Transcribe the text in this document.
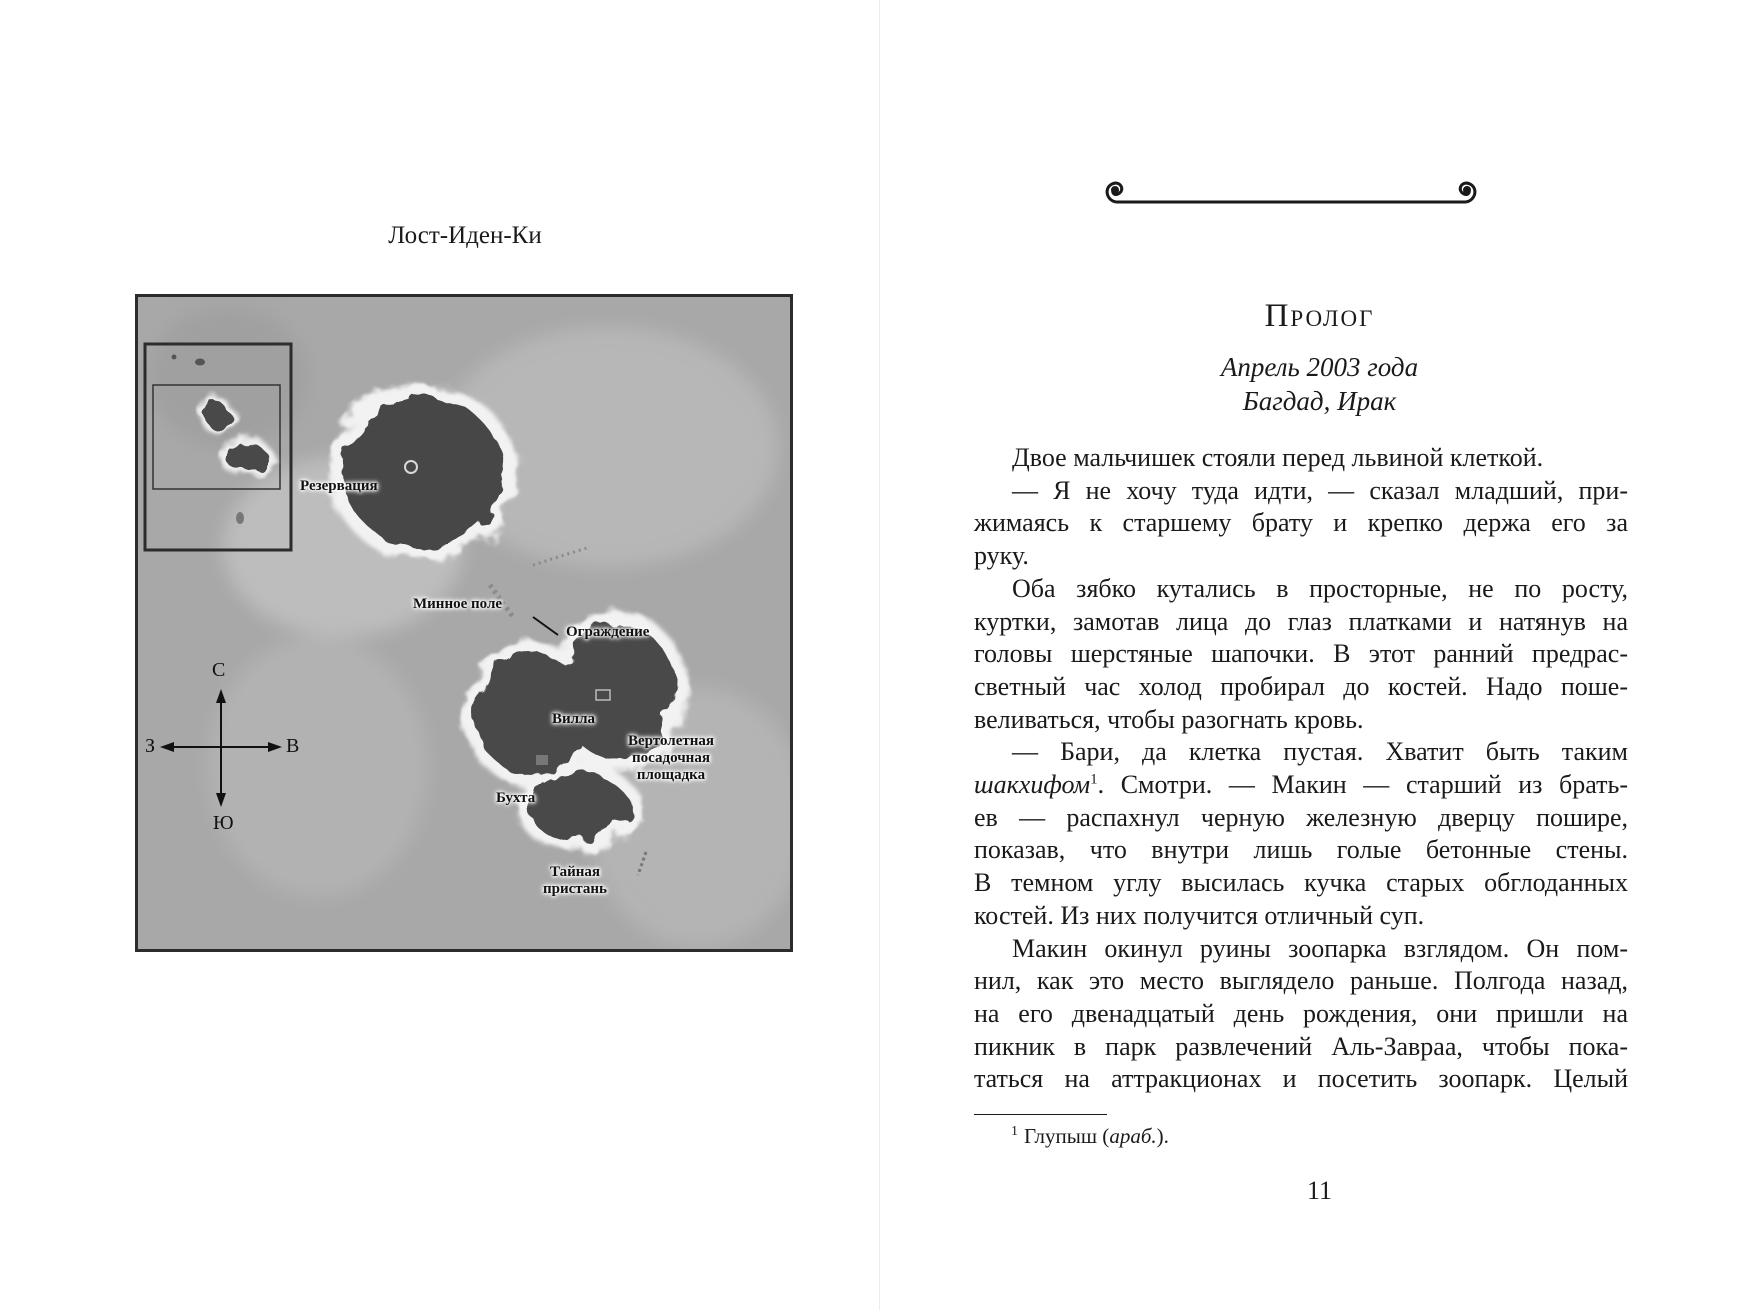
Лост-Иден-Ки
Резервация
Минное поле
Ограждение
Вилла
Вертолетная
посадочная
площадка
Бухта
Тайная
пристань
С
Ю
З	В
Пролог
Апрель 2003 года
Багдад, Ирак
Двое мальчишек стояли перед львиной клеткой.
— Я не хочу туда идти, — сказал младший, при-
жимаясь к старшему брату и крепко держа его за
руку.
Оба зябко кутались в просторные, не по росту,
куртки, замотав лица до глаз платками и натянув на
головы шерстяные шапочки. В этот ранний предрас-
светный час холод пробирал до костей. Надо поше-
веливаться, чтобы разогнать кровь.
— Бари, да клетка пустая. Хватит быть таким
шакхифом$^1$. Смотри. — Макин — старший из брать-
ев — распахнул черную железную дверцу пошире,
показав, что внутри лишь голые бетонные стены.
В темном углу высилась кучка старых обглоданных
костей. Из них получится отличный суп.
Макин окинул руины зоопарка взглядом. Он пом-
нил, как это место выглядело раньше. Полгода назад,
на его двенадцатый день рождения, они пришли на
пикник в парк развлечений Аль-Завраа, чтобы пока-
таться на аттракционах и посетить зоопарк. Целый
$^1$ Глупыш (араб.).
11
